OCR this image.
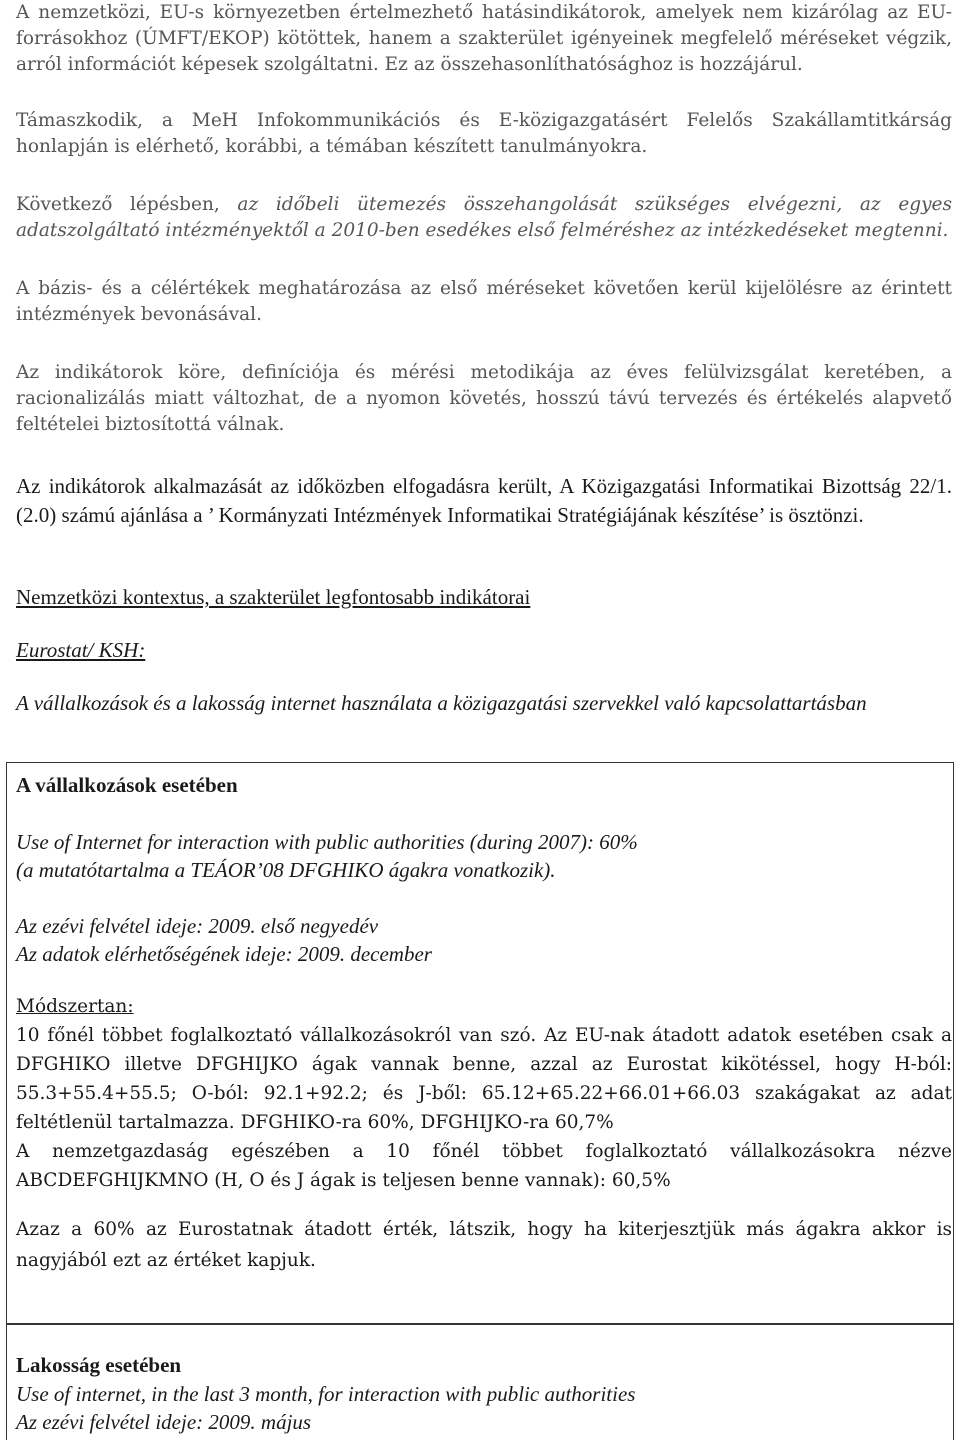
A nemzetközi, EU-s környezetben értelmezhető hatásindikátorok, amelyek nem kizárólag az EU-forrásokhoz (ÚMFT/EKOP) kötöttek, hanem a szakterület igényeinek megfelelő méréseket végzik, arról információt képesek szolgáltatni. Ez az összehasonlíthatósághoz is hozzájárul.

Támaszkodik, a MeH Infokommunikációs és E-közigazgatásért Felelős Szakállamtitkárság honlapján is elérhető, korábbi, a témában készített tanulmányokra.

Következő lépésben, az időbeli ütemezés összehangolását szükséges elvégezni, az egyes adatszolgáltató intézményektől a 2010-ben esedékes első felméréshez az intézkedéseket megtenni.

A bázis- és a célértékek meghatározása az első méréseket követően kerül kijelölésre az érintett intézmények bevonásával.

Az indikátorok köre, definíciója és mérési metodikája az éves felülvizsgálat keretében, a racionalizálás miatt változhat, de a nyomon követés, hosszú távú tervezés és értékelés alapvető feltételei biztosítottá válnak.

Az indikátorok alkalmazását az időközben elfogadásra került, A Közigazgatási Informatikai Bizottság 22/1. (2.0) számú ajánlása a ’ Kormányzati Intézmények Informatikai Stratégiájának készítése’ is ösztönzi.

Nemzetközi kontextus, a szakterület legfontosabb indikátorai
Eurostat/ KSH:
A vállalkozások és a lakosság internet használata a közigazgatási szervekkel való kapcsolattartásban
A vállalkozások esetében
Use of Internet for interaction with public authorities (during 2007): 60%
(a mutatótartalma a TEÁOR’08 DFGHIKO ágakra vonatkozik).
Az ezévi felvétel ideje: 2009. első negyedév
Az adatok elérhetőségének ideje: 2009. december
Módszertan:
10 főnél többet foglalkoztató vállalkozásokról van szó. Az EU-nak átadott adatok esetében csak a DFGHIKO illetve DFGHIJKO ágak vannak benne, azzal az Eurostat kikötéssel, hogy H-ból: 55.3+55.4+55.5; O-ból: 92.1+92.2; és J-ből: 65.12+65.22+66.01+66.03 szakágakat az adat feltétlenül tartalmazza. DFGHIKO-ra 60%, DFGHIJKO-ra 60,7%
A nemzetgazdaság egészében a 10 főnél többet foglalkoztató vállalkozásokra nézve ABCDEFGHIJKMNO (H, O és J ágak is teljesen benne vannak): 60,5%
Azaz a 60% az Eurostatnak átadott érték, látszik, hogy ha kiterjesztjük más ágakra akkor is nagyjából ezt az értéket kapjuk.
Lakosság esetében
Use of internet, in the last 3 month, for interaction with public authorities
Az ezévi felvétel ideje: 2009. május
